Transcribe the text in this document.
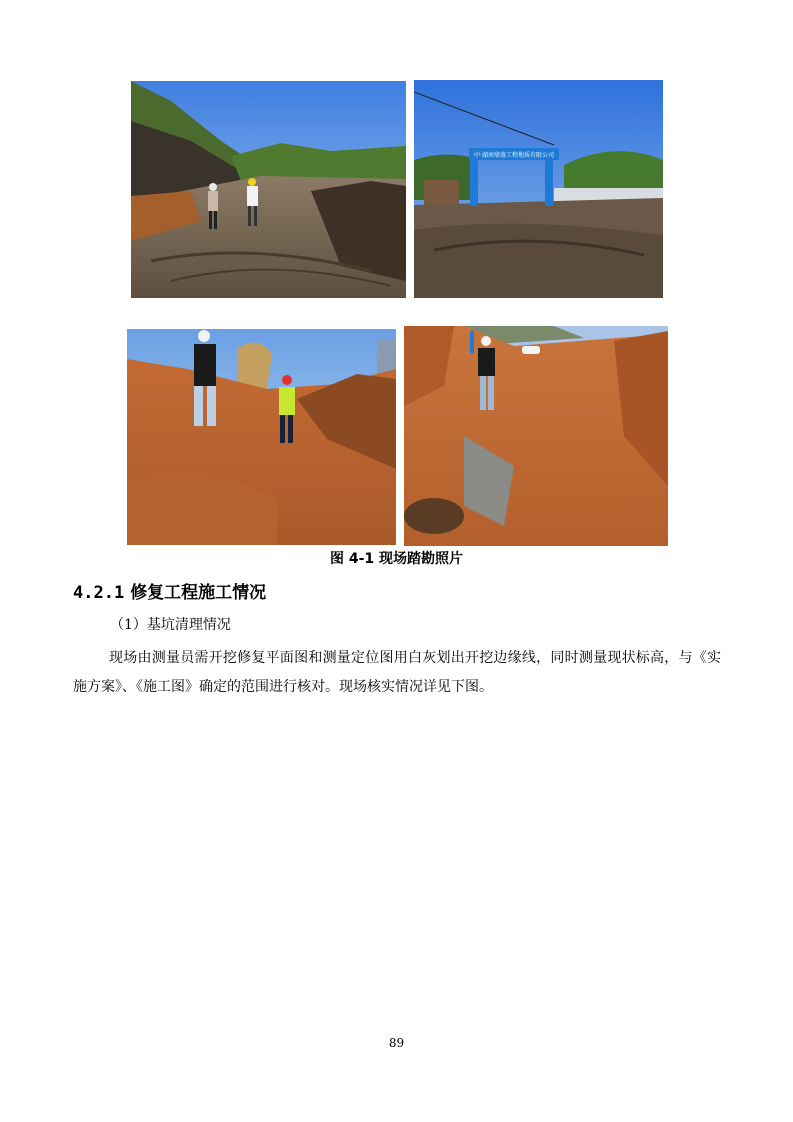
中·湖南鼎盛工程地质有限公司
图 4-1 现场踏勘照片
4.2.1 修复工程施工情况
（1）基坑清理情况
现场由测量员需开挖修复平面图和测量定位图用白灰划出开挖边缘线，同时测量现状标高，与《实施方案》、《施工图》确定的范围进行核对。现场核实情况详见下图。
89
